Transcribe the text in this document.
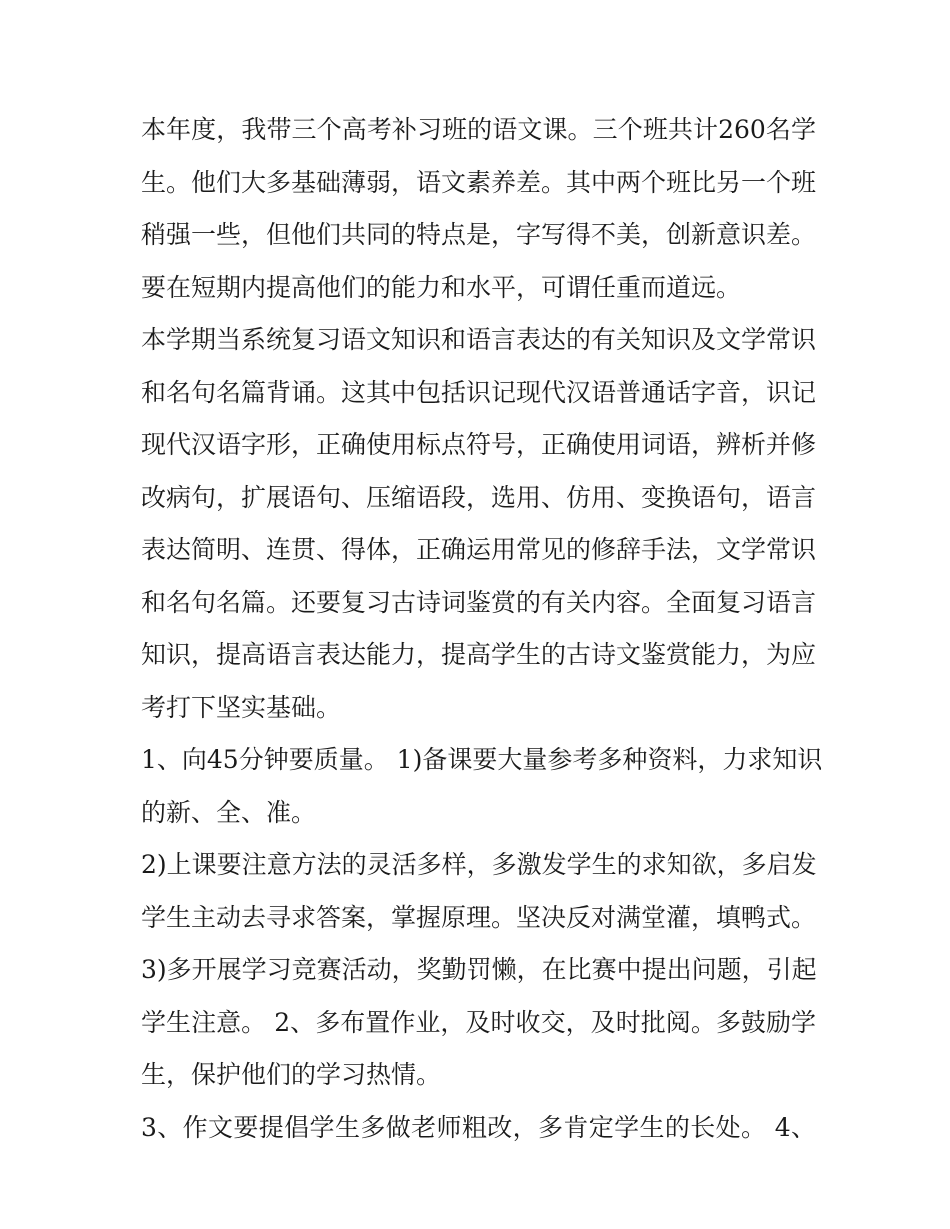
本年度，我带三个高考补习班的语文课。三个班共计260名学
生。他们大多基础薄弱，语文素养差。其中两个班比另一个班
稍强一些，但他们共同的特点是，字写得不美，创新意识差。
要在短期内提高他们的能力和水平，可谓任重而道远。
本学期当系统复习语文知识和语言表达的有关知识及文学常识
和名句名篇背诵。这其中包括识记现代汉语普通话字音，识记
现代汉语字形，正确使用标点符号，正确使用词语，辨析并修
改病句，扩展语句、压缩语段，选用、仿用、变换语句，语言
表达简明、连贯、得体，正确运用常见的修辞手法，文学常识
和名句名篇。还要复习古诗词鉴赏的有关内容。全面复习语言
知识，提高语言表达能力，提高学生的古诗文鉴赏能力，为应
考打下坚实基础。
1、向45分钟要质量。 1)备课要大量参考多种资料，力求知识
的新、全、准。
2)上课要注意方法的灵活多样，多激发学生的求知欲，多启发
学生主动去寻求答案，掌握原理。坚决反对满堂灌，填鸭式。
3)多开展学习竞赛活动，奖勤罚懒，在比赛中提出问题，引起
学生注意。 2、多布置作业，及时收交，及时批阅。多鼓励学
生，保护他们的学习热情。
3、作文要提倡学生多做老师粗改，多肯定学生的长处。 4、
